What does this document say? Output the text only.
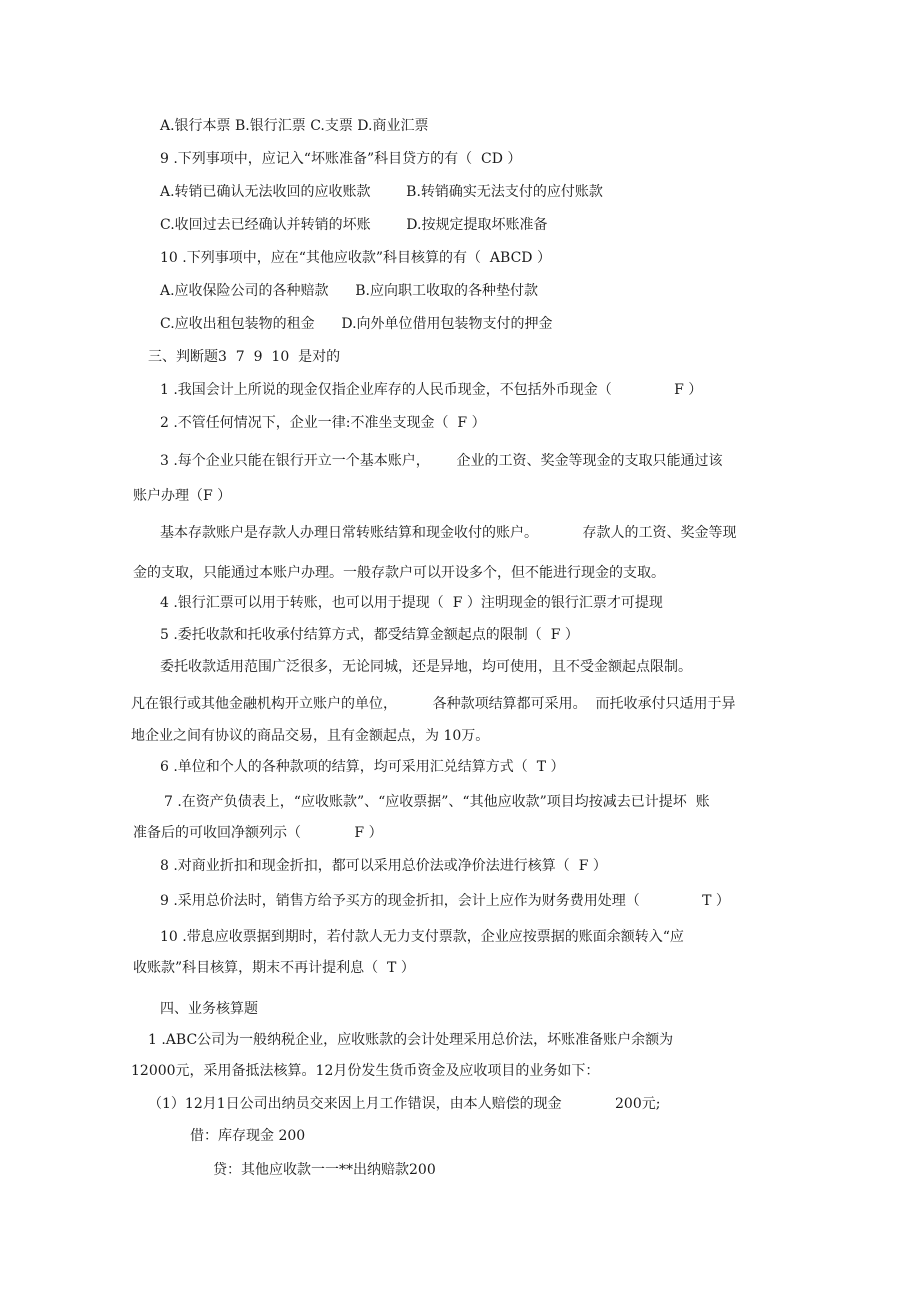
A.银行本票 B.银行汇票 C.支票 D.商业汇票

9 .下列事项中，应记入“坏账准备”科目贷方的有（  CD ）

A.转销已确认无法收回的应收账款        B.转销确实无法支付的应付账款

C.收回过去已经确认并转销的坏账        D.按规定提取坏账准备

10 .下列事项中，应在“其他应收款”科目核算的有（  ABCD ）

A.应收保险公司的各种赔款      B.应向职工收取的各种垫付款

C.应收出租包装物的租金      D.向外单位借用包装物支付的押金

三、判断题3  7  9  10  是对的

1 .我国会计上所说的现金仅指企业库存的人民币现金，不包括外币现金（              F ）

2 .不管任何情况下，企业一律:不准坐支现金（  F ）

3 .每个企业只能在银行开立一个基本账户，      企业的工资、奖金等现金的支取只能通过该

账户办理（F ）

基本存款账户是存款人办理日常转账结算和现金收付的账户。          存款人的工资、奖金等现

金的支取，只能通过本账户办理。一般存款户可以开设多个，但不能进行现金的支取。

4 .银行汇票可以用于转账，也可以用于提现（  F ）注明现金的银行汇票才可提现

5 .委托收款和托收承付结算方式，都受结算金额起点的限制（  F ）

委托收款适用范围广泛很多，无论同城，还是异地，均可使用，且不受金额起点限制。

凡在银行或其他金融机构开立账户的单位，        各种款项结算都可采用。  而托收承付只适用于异

地企业之间有协议的商品交易，且有金额起点，为 10万。

6 .单位和个人的各种款项的结算，均可采用汇兑结算方式（  T ）

7 .在资产负债表上，“应收账款”、“应收票据”、“其他应收款”项目均按减去已计提坏  账

准备后的可收回净额列示（            F ）

8 .对商业折扣和现金折扣，都可以采用总价法或净价法进行核算（  F ）

9 .采用总价法时，销售方给予买方的现金折扣，会计上应作为财务费用处理（              T ）

10 .带息应收票据到期时，若付款人无力支付票款，企业应按票据的账面余额转入“应

收账款”科目核算，期末不再计提利息（  T ）

四、业务核算题

1 .ABC公司为一般纳税企业，应收账款的会计处理采用总价法，坏账准备账户余额为

12000元，采用备抵法核算。12月份发生货币资金及应收项目的业务如下：

（1）12月1日公司出纳员交来因上月工作错误，由本人赔偿的现金            200元;

借：库存现金 200

贷：其他应收款一一**出纳赔款200
